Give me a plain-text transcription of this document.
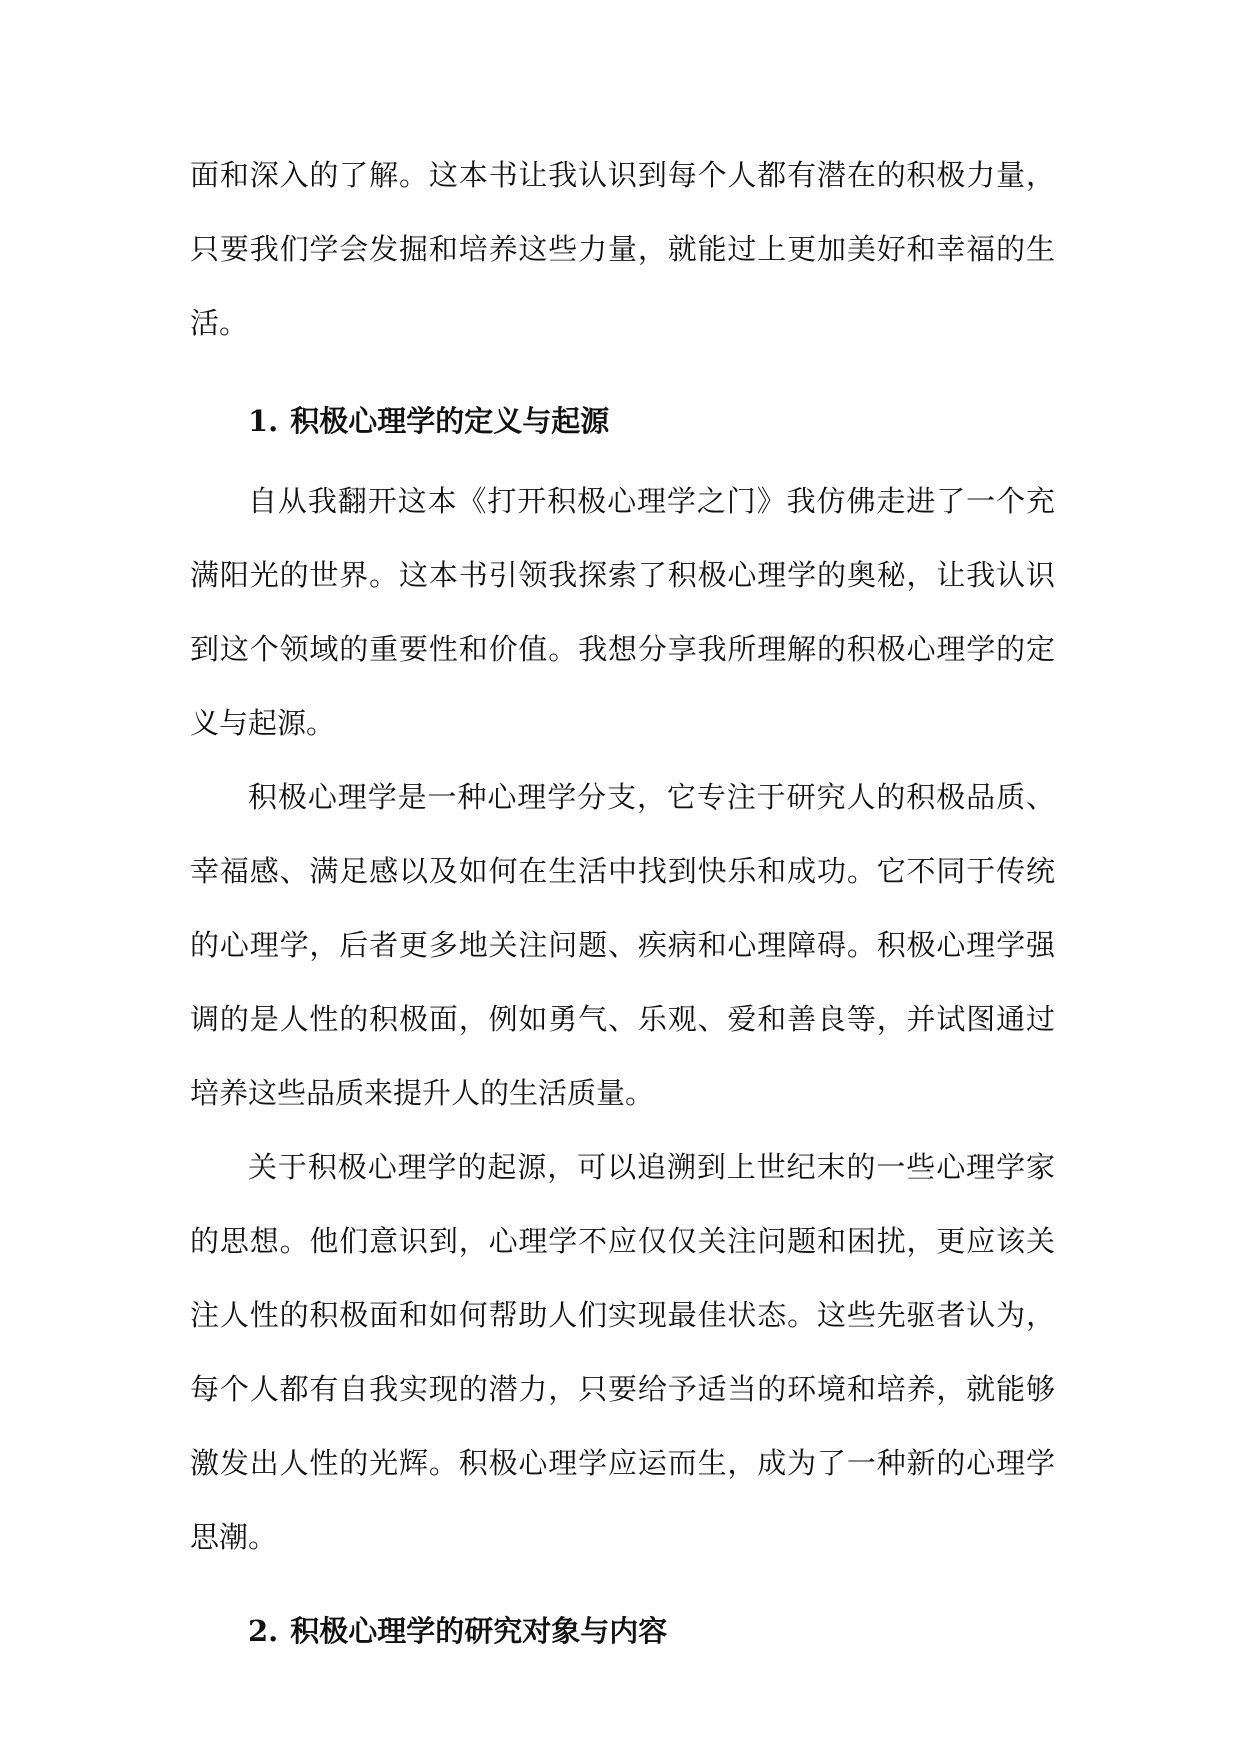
面和深入的了解。这本书让我认识到每个人都有潜在的积极力量，只要我们学会发掘和培养这些力量，就能过上更加美好和幸福的生活。

1. 积极心理学的定义与起源

自从我翻开这本《打开积极心理学之门》我仿佛走进了一个充满阳光的世界。这本书引领我探索了积极心理学的奥秘，让我认识到这个领域的重要性和价值。我想分享我所理解的积极心理学的定义与起源。

积极心理学是一种心理学分支，它专注于研究人的积极品质、幸福感、满足感以及如何在生活中找到快乐和成功。它不同于传统的心理学，后者更多地关注问题、疾病和心理障碍。积极心理学强调的是人性的积极面，例如勇气、乐观、爱和善良等，并试图通过培养这些品质来提升人的生活质量。

关于积极心理学的起源，可以追溯到上世纪末的一些心理学家的思想。他们意识到，心理学不应仅仅关注问题和困扰，更应该关注人性的积极面和如何帮助人们实现最佳状态。这些先驱者认为，每个人都有自我实现的潜力，只要给予适当的环境和培养，就能够激发出人性的光辉。积极心理学应运而生，成为了一种新的心理学思潮。

2. 积极心理学的研究对象与内容
